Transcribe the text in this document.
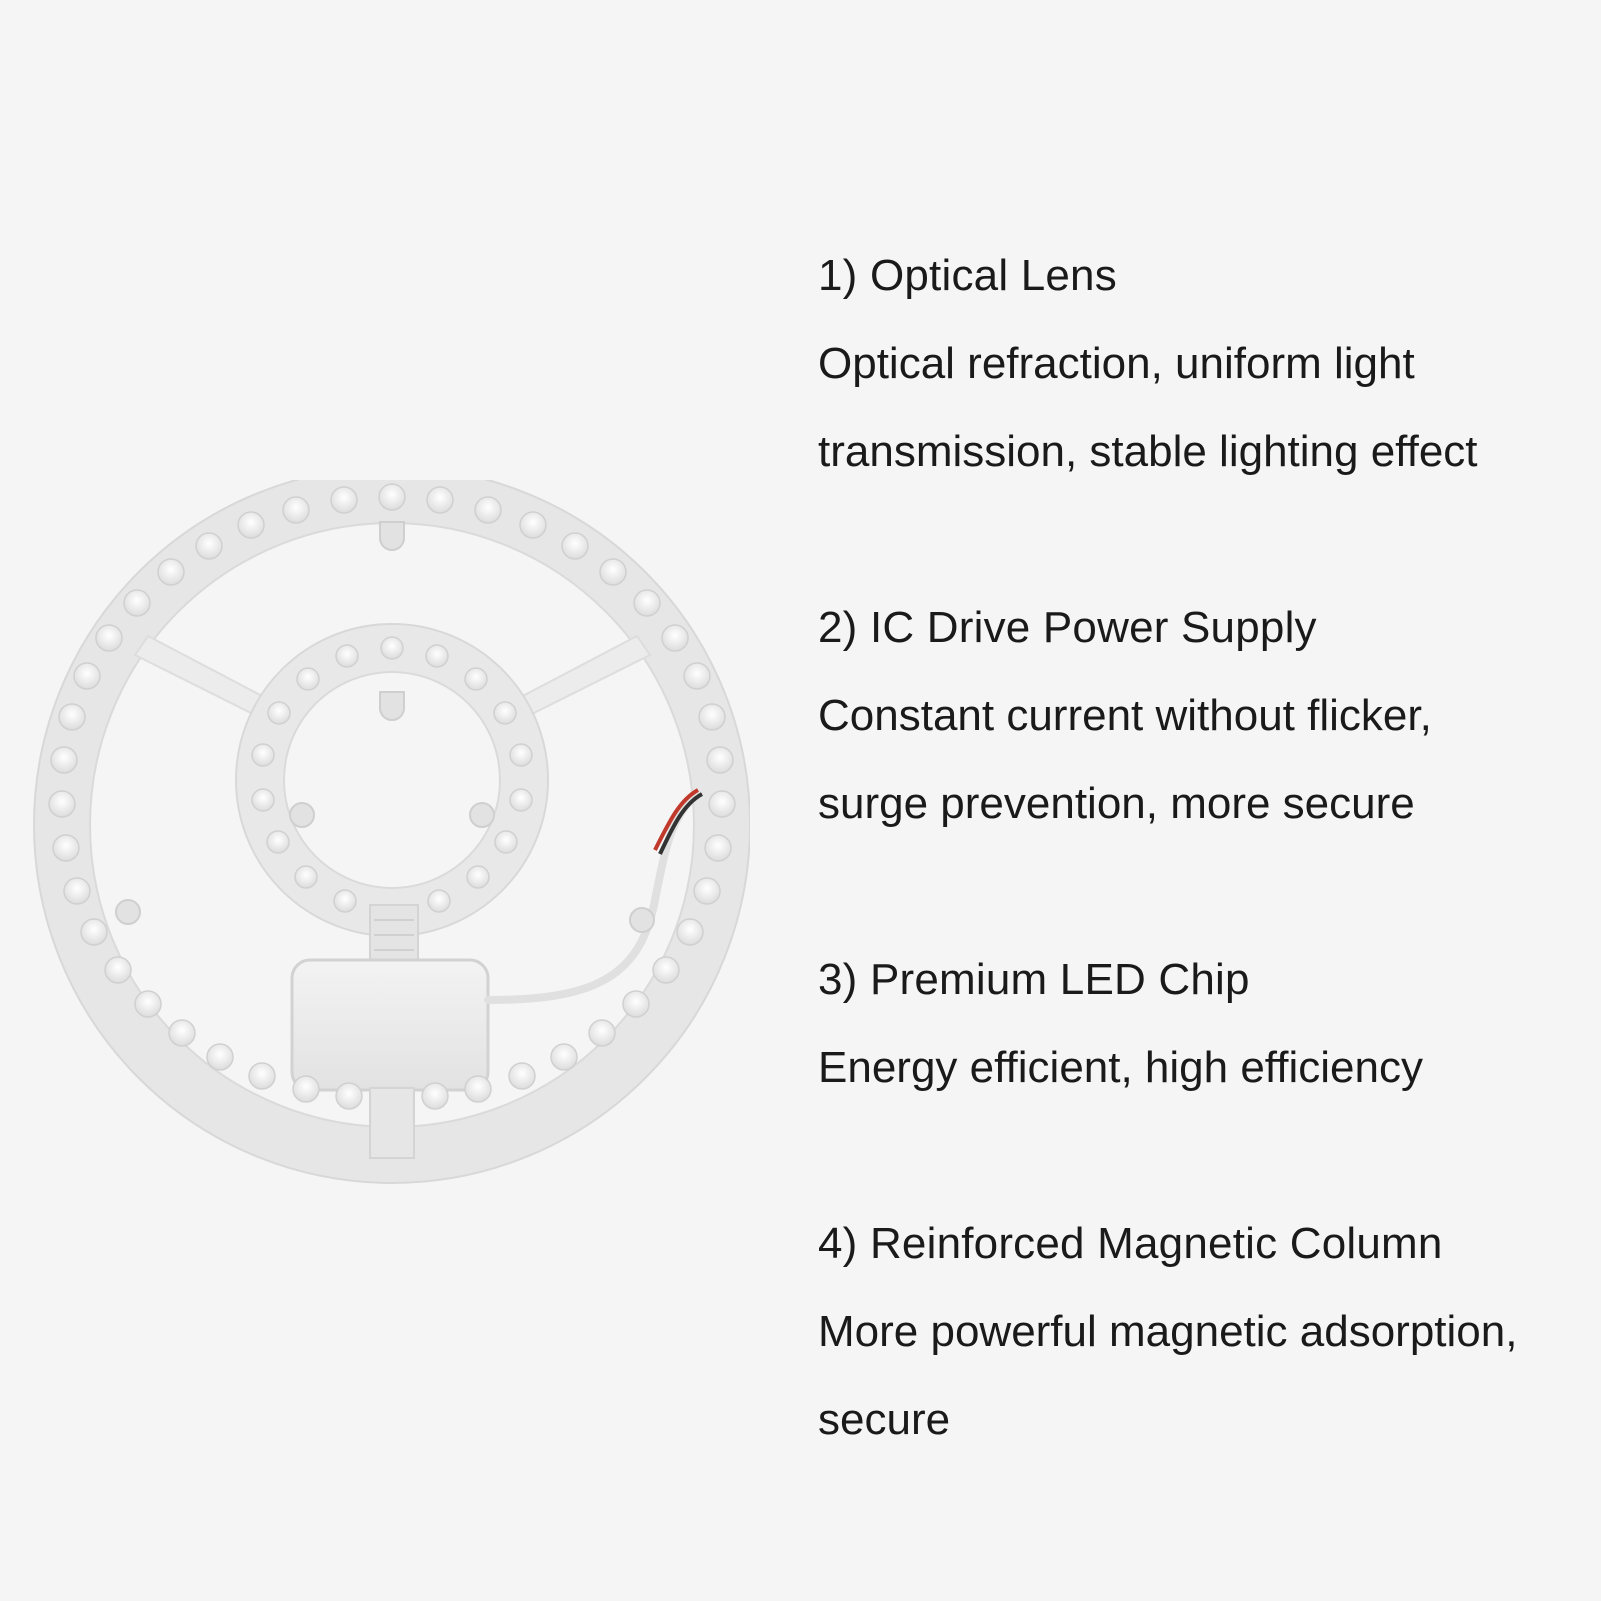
1) Optical Lens

Optical refraction, uniform light
transmission, stable lighting effect

2) IC Drive Power Supply

Constant current without flicker,
surge prevention, more secure

3) Premium LED Chip

Energy efficient, high efficiency

4) Reinforced Magnetic Column

More powerful magnetic adsorption,
secure
